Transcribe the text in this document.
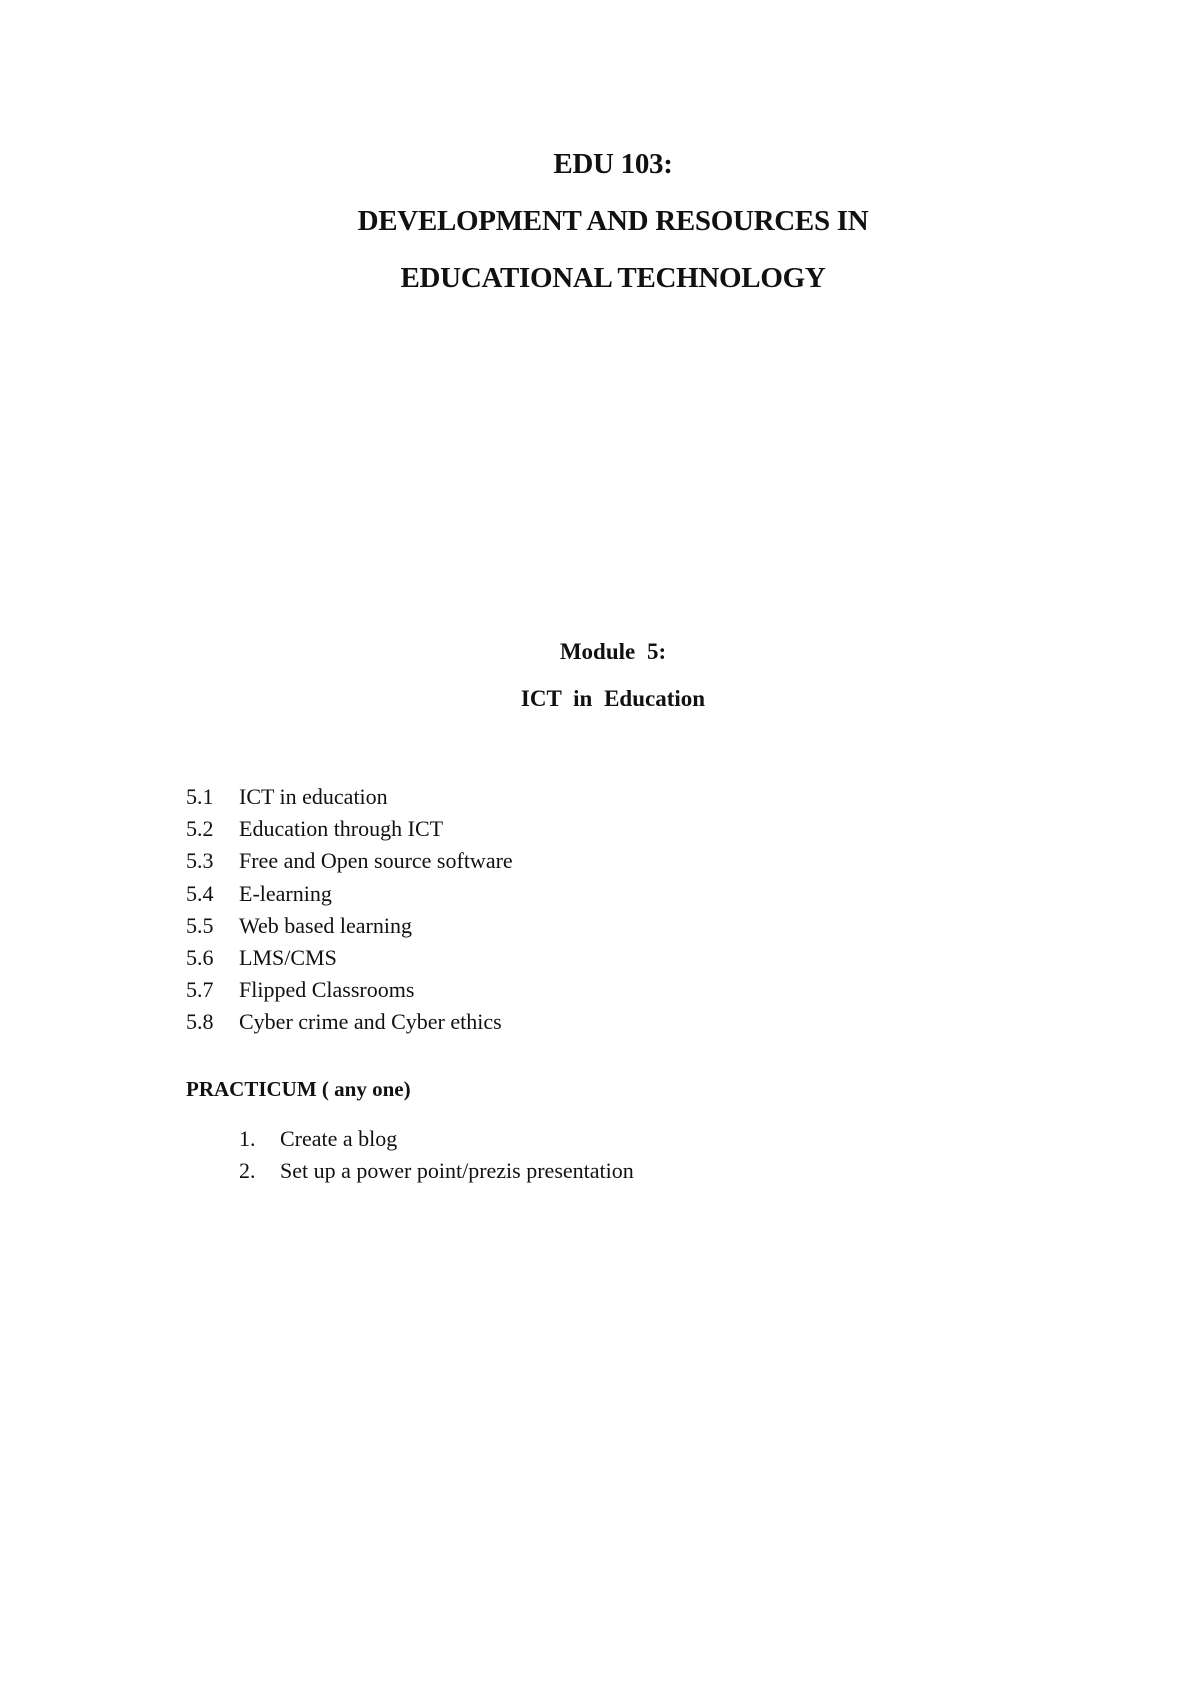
EDU 103:
DEVELOPMENT AND RESOURCES IN
EDUCATIONAL TECHNOLOGY
Module 5:
ICT in Education
5.1	ICT in education
5.2	Education through ICT
5.3	Free and Open source software
5.4	E-learning
5.5	Web based learning
5.6	LMS/CMS
5.7	Flipped Classrooms
5.8	Cyber crime and Cyber ethics
PRACTICUM ( any one)
1.	Create a blog
2.	Set up a power point/prezis presentation
